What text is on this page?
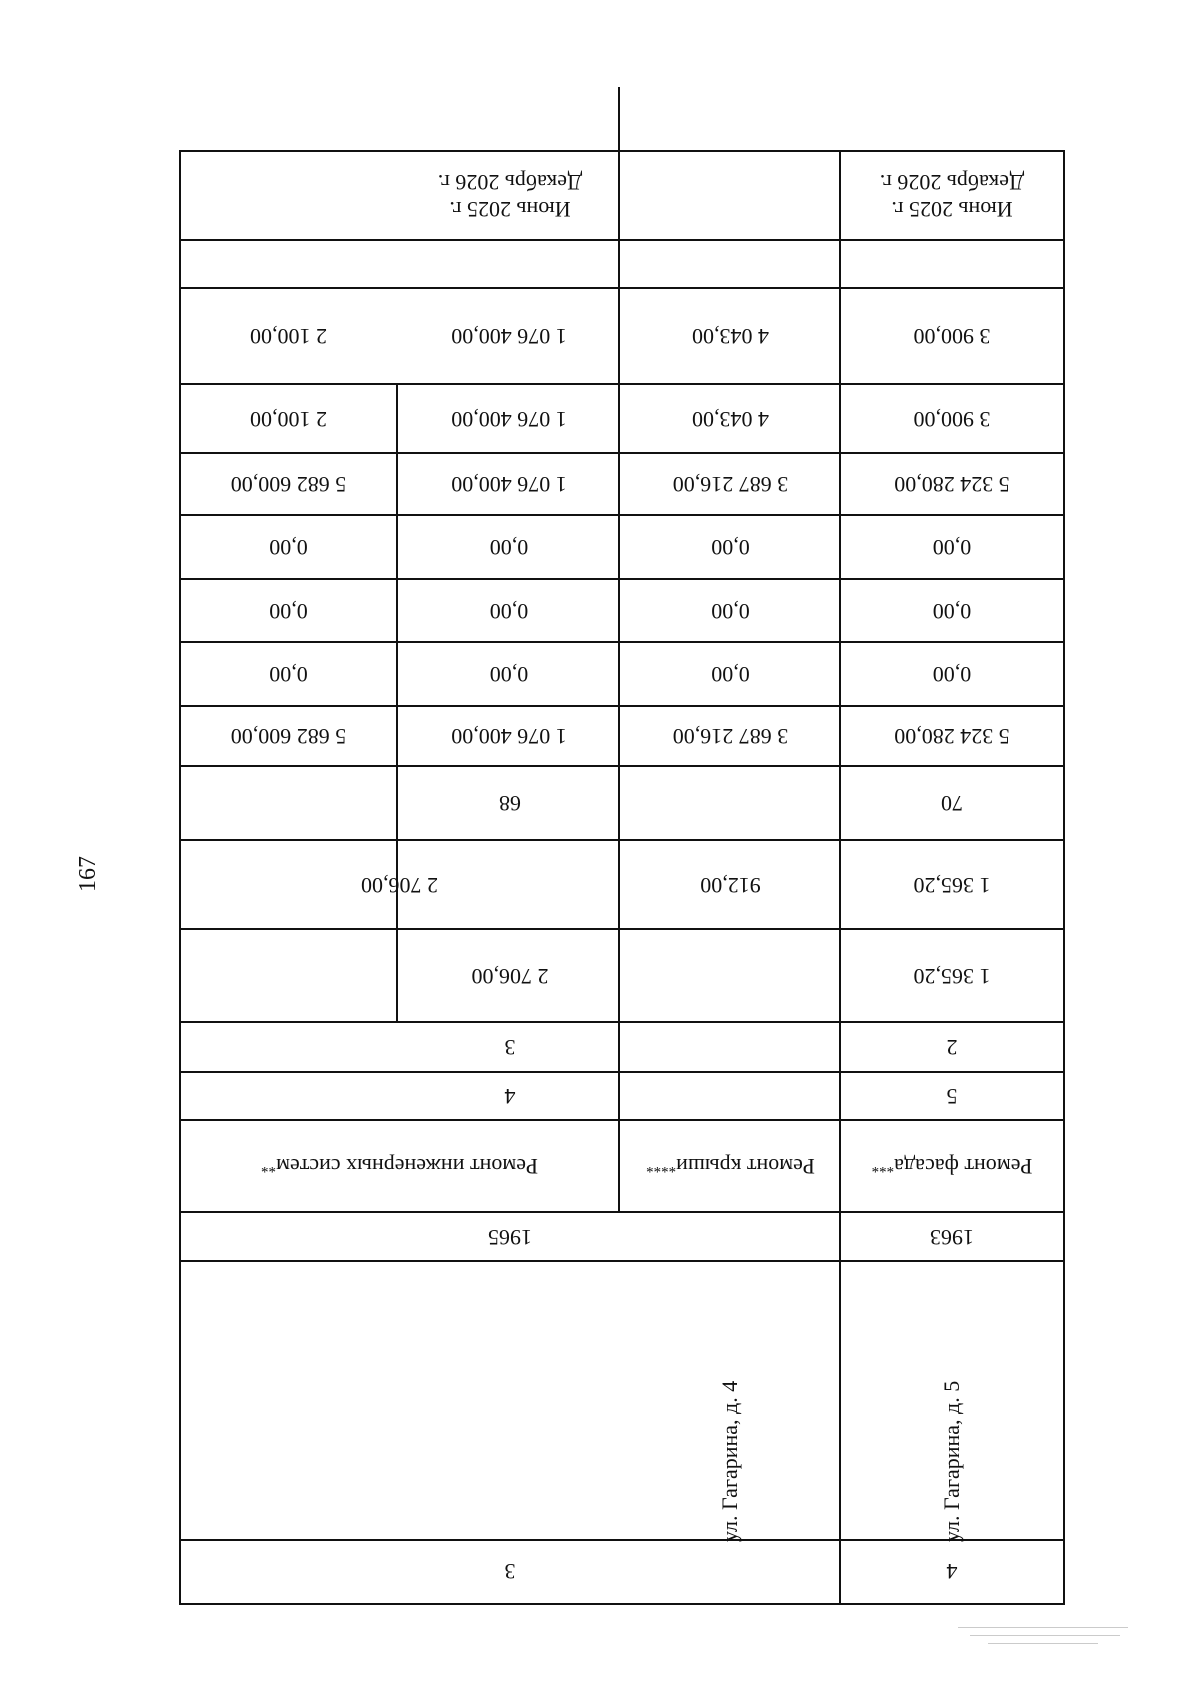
167
4
ул. Гагарина, д. 5
1963
Ремонт фасада
***
5
2
1 365,20
1 365,20
70
5 324 280,00
0,00
0,00
0,00
5 324 280,00
3 900,00
3 900,00
Июнь 2025 г.
Декабрь 2026 г.
3
ул. Гагарина, д. 4
1965
Ремонт крыши
****
Ремонт инженерных систем
**
4
3
2 706,00
912,00
2 706,00
68
3 687 216,00
1 076 400,00
5 682 600,00
0,00
0,00
0,00
0,00
0,00
0,00
0,00
0,00
0,00
3 687 216,00
1 076 400,00
5 682 600,00
4 043,00
1 076 400,00
2 100,00
4 043,00
1 076 400,00
2 100,00
Июнь 2025 г.
Декабрь 2026 г.
